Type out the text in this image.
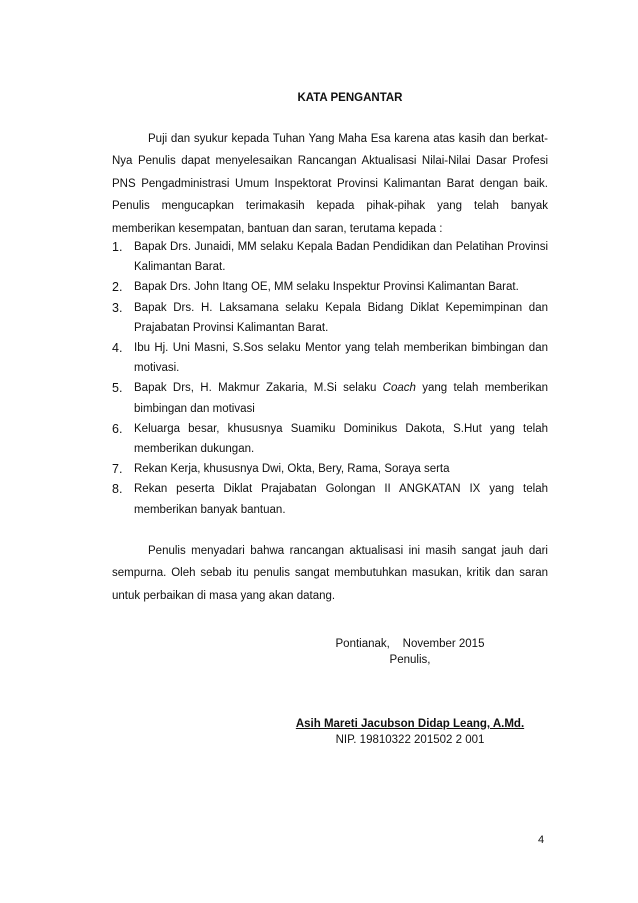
KATA PENGANTAR

Puji dan syukur kepada Tuhan Yang Maha Esa karena atas kasih dan berkat-Nya Penulis dapat menyelesaikan Rancangan Aktualisasi Nilai-Nilai Dasar Profesi PNS Pengadministrasi Umum Inspektorat Provinsi Kalimantan Barat dengan baik. Penulis mengucapkan terimakasih kepada pihak-pihak yang telah banyak memberikan kesempatan, bantuan dan saran, terutama kepada :

1. Bapak Drs. Junaidi, MM selaku Kepala Badan Pendidikan dan Pelatihan Provinsi Kalimantan Barat.
2. Bapak Drs. John Itang OE, MM selaku Inspektur Provinsi Kalimantan Barat.
3. Bapak Drs. H. Laksamana selaku Kepala Bidang Diklat Kepemimpinan dan Prajabatan Provinsi Kalimantan Barat.
4. Ibu Hj. Uni Masni, S.Sos selaku Mentor yang telah memberikan bimbingan dan motivasi.
5. Bapak Drs, H. Makmur Zakaria, M.Si selaku Coach yang telah memberikan bimbingan dan motivasi
6. Keluarga besar, khususnya Suamiku Dominikus Dakota, S.Hut yang telah memberikan dukungan.
7. Rekan Kerja, khususnya Dwi, Okta, Bery, Rama, Soraya serta
8. Rekan peserta Diklat Prajabatan Golongan II ANGKATAN IX yang telah memberikan banyak bantuan.

Penulis menyadari bahwa rancangan aktualisasi ini masih sangat jauh dari sempurna. Oleh sebab itu penulis sangat membutuhkan masukan, kritik dan saran untuk perbaikan di masa yang akan datang.

Pontianak,    November 2015
Penulis,
Asih Mareti Jacubson Didap Leang, A.Md.
NIP. 19810322 201502 2 001
4
